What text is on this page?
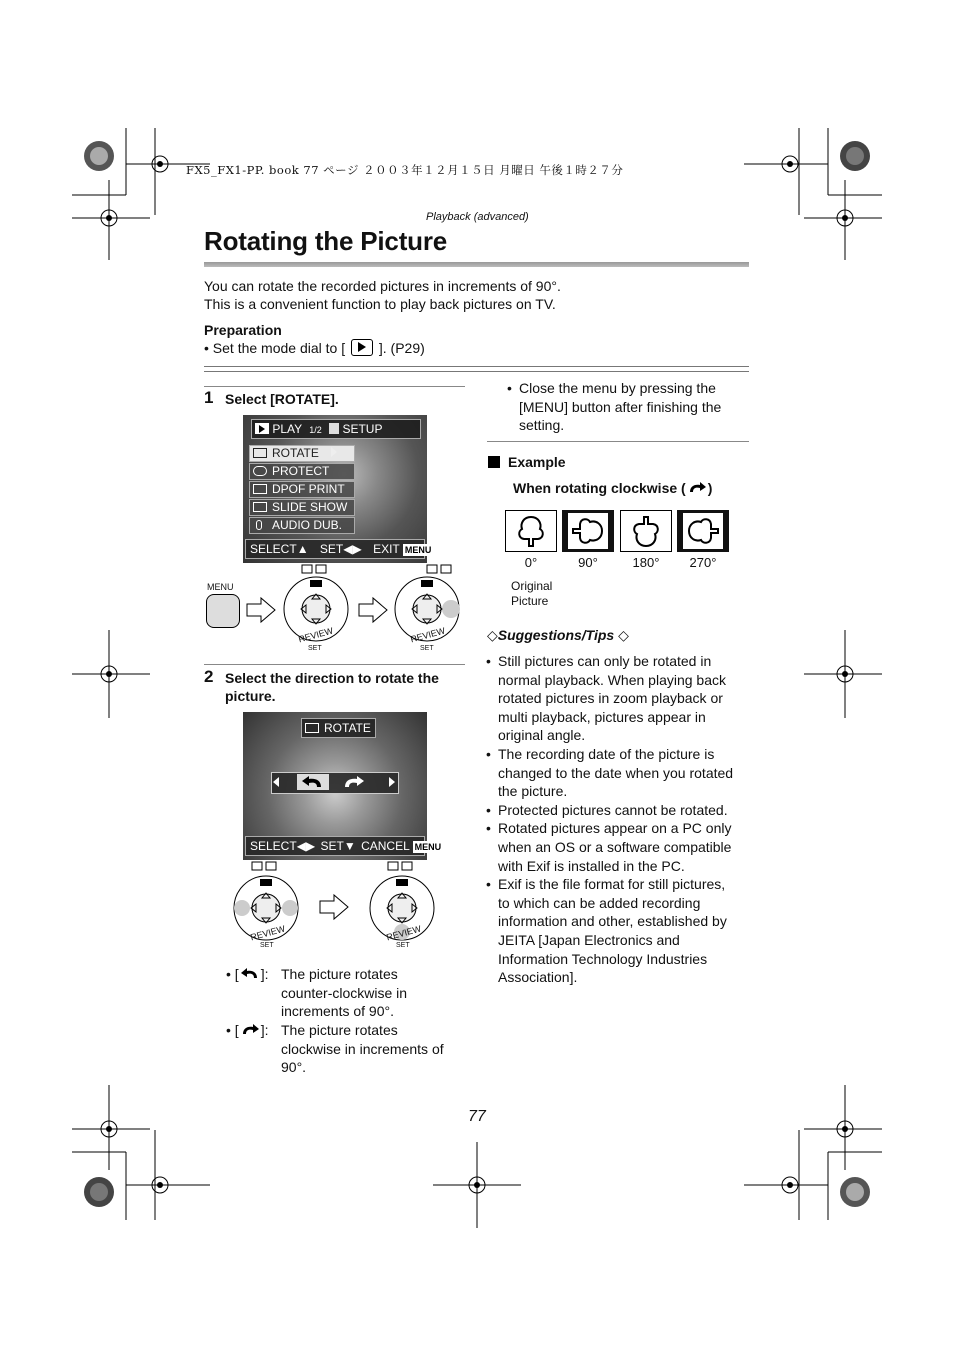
FX5_FX1-PP. book 77 ページ ２００３年１２月１５日 月曜日 午後１時２７分
Playback (advanced)
Rotating the Picture
You can rotate the recorded pictures in increments of 90°.
This is a convenient function to play back pictures on TV.
Preparation
• Set the mode dial to [ ]. (P29)
1 Select [ROTATE].
PLAY 1/2 SETUP
ROTATE
PROTECT
DPOF PRINT
SLIDE SHOW
AUDIO DUB.
SELECT▲ SET◀▶ EXIT MENU
MENU
REVIEW
SET
REVIEW
SET
2 Select the direction to rotate the
picture.
ROTATE
SELECT◀▶ SET▼ CANCEL MENU
REVIEW
SET
REVIEW
SET
• [ ]: The picture rotates
counter-clockwise in
increments of 90°.
• [ ]: The picture rotates
clockwise in increments of
90°.
• Close the menu by pressing the
[MENU] button after finishing the
setting.
Example
When rotating clockwise ( )
0°	90°	180°	270°
Original
Picture
◇Suggestions/Tips ◇
• Still pictures can only be rotated in
normal playback. When playing back
rotated pictures in zoom playback or
multi playback, pictures appear in
original angle.
• The recording date of the picture is
changed to the date when you rotated
the picture.
• Protected pictures cannot be rotated.
• Rotated pictures appear on a PC only
when an OS or a software compatible
with Exif is installed in the PC.
• Exif is the file format for still pictures,
to which can be added recording
information and other, established by
JEITA [Japan Electronics and
Information Technology Industries
Association].
77
